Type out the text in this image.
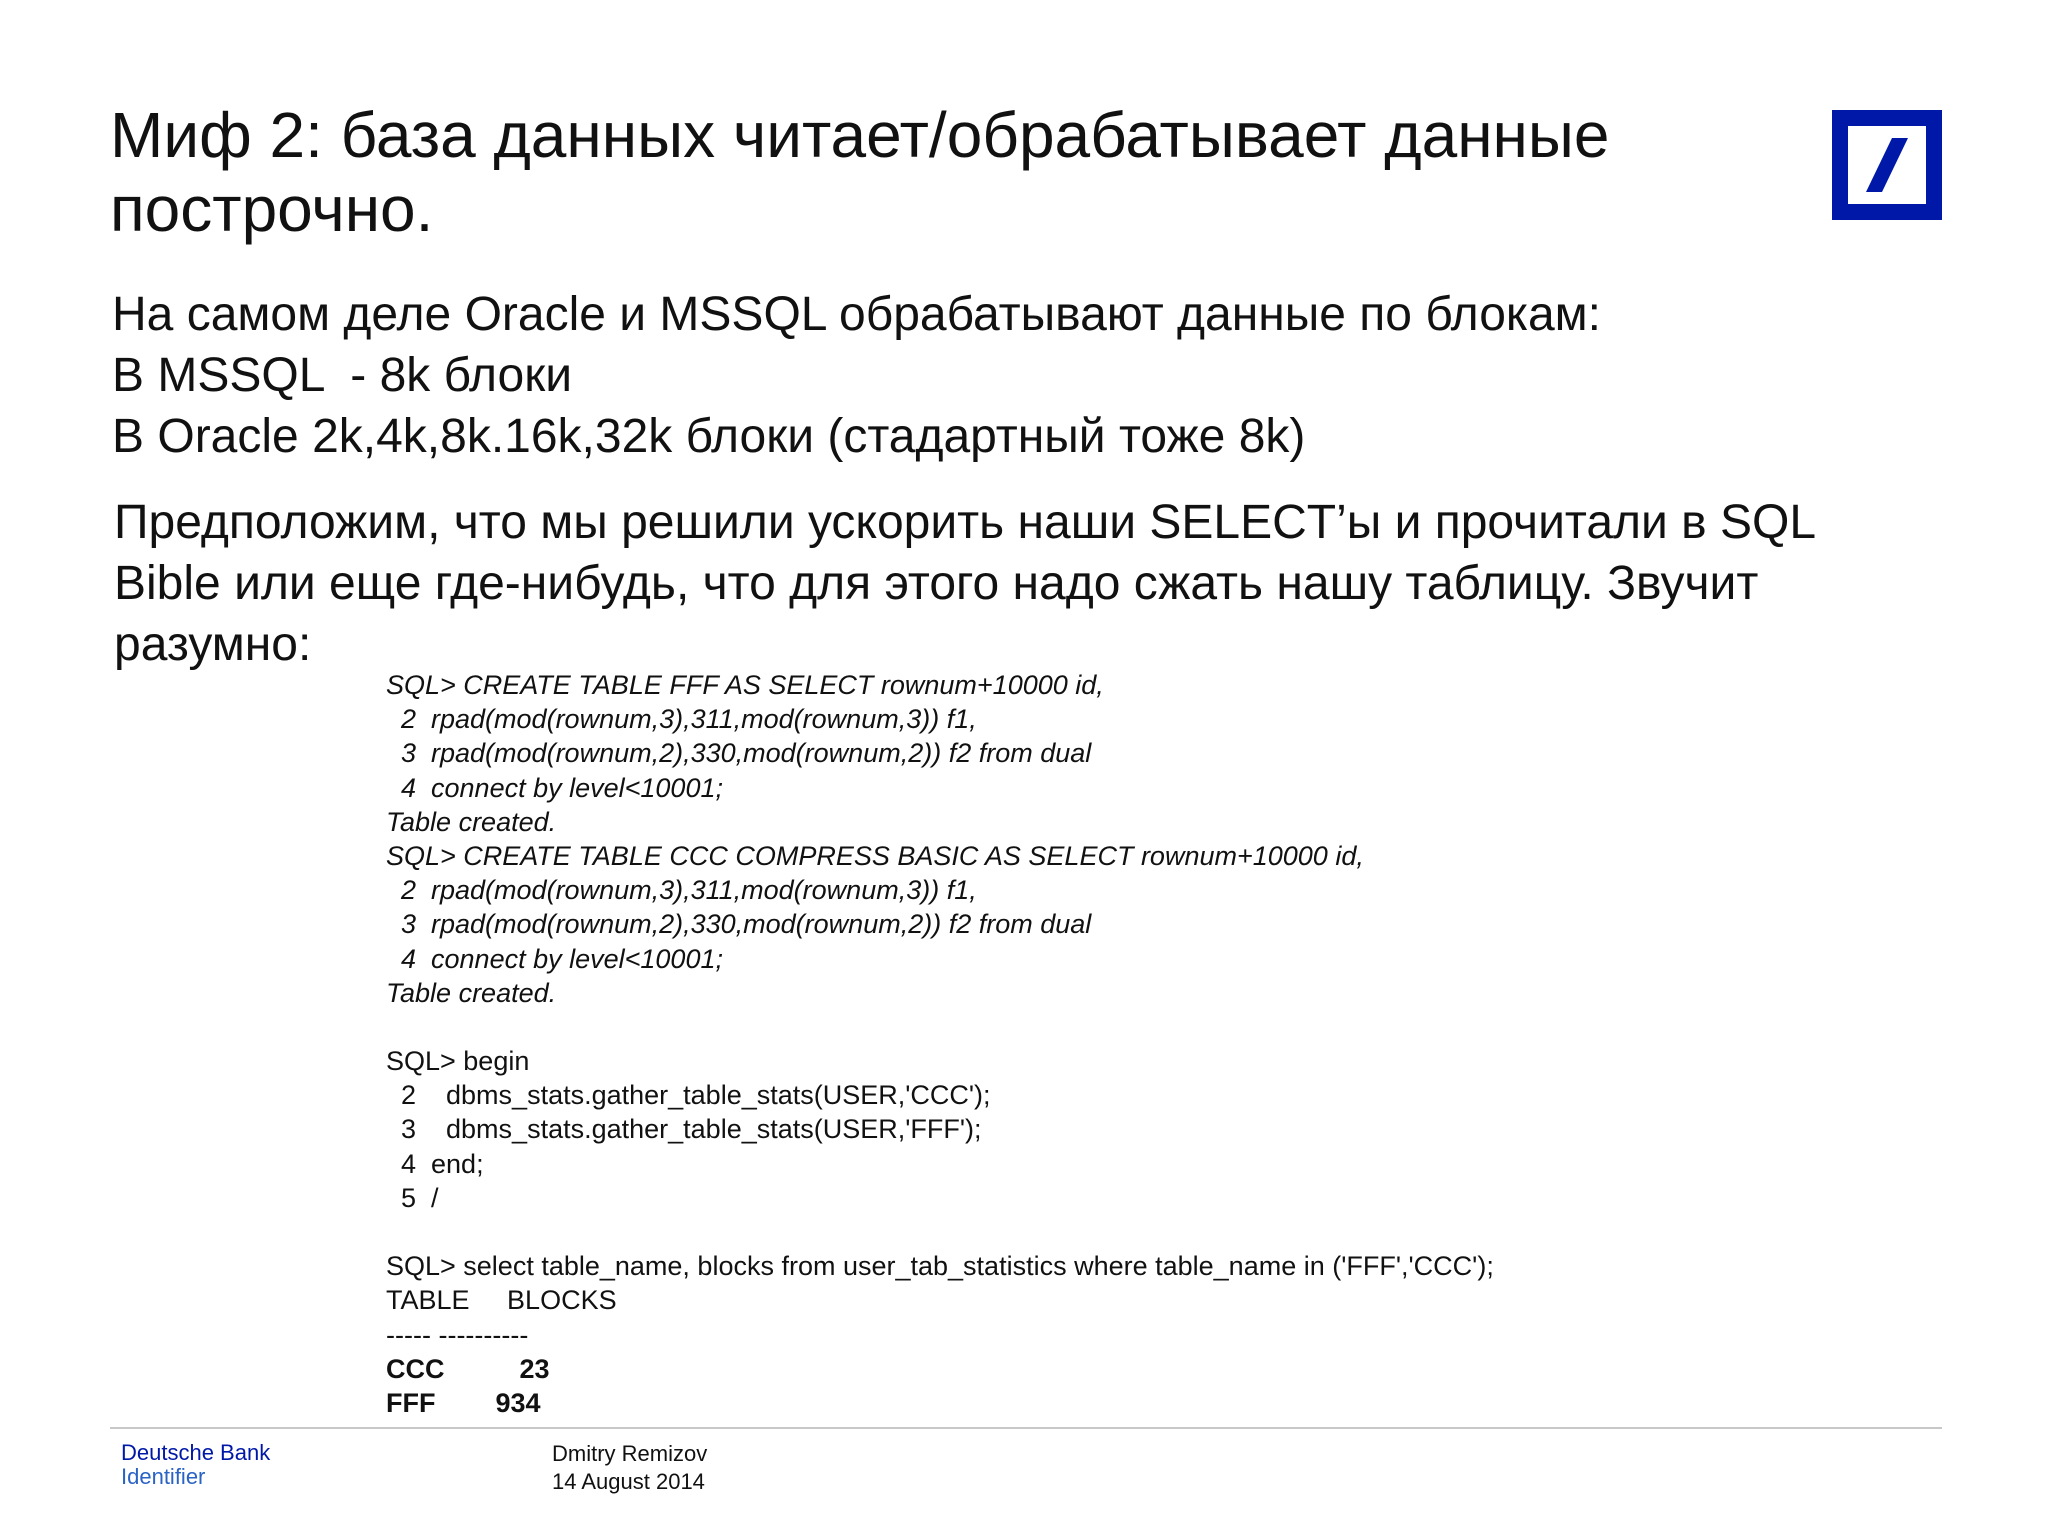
Миф 2: база данных читает/обрабатывает данные
построчно.
На самом деле Oracle и MSSQL обрабатывают данные по блокам:
В MSSQL  - 8k блоки
В Oracle 2k,4k,8k.16k,32k блоки (стадартный тоже 8k)
Предположим, что мы решили ускорить наши SELECT’ы и прочитали в SQL
Bible или еще где-нибудь, что для этого надо сжать нашу таблицу. Звучит
разумно:
SQL> CREATE TABLE FFF AS SELECT rownum+10000 id,
2  rpad(mod(rownum,3),311,mod(rownum,3)) f1,
3  rpad(mod(rownum,2),330,mod(rownum,2)) f2 from dual
4  connect by level<10001;
Table created.
SQL> CREATE TABLE CCC COMPRESS BASIC AS SELECT rownum+10000 id,
2  rpad(mod(rownum,3),311,mod(rownum,3)) f1,
3  rpad(mod(rownum,2),330,mod(rownum,2)) f2 from dual
4  connect by level<10001;
Table created.
SQL> begin
2    dbms_stats.gather_table_stats(USER,'CCC');
3    dbms_stats.gather_table_stats(USER,'FFF');
4  end;
5  /
SQL> select table_name, blocks from user_tab_statistics where table_name in ('FFF','CCC');
TABLE     BLOCKS
----- ----------
CCC          23
FFF        934
Deutsche Bank
Identifier
Dmitry Remizov
14 August 2014
